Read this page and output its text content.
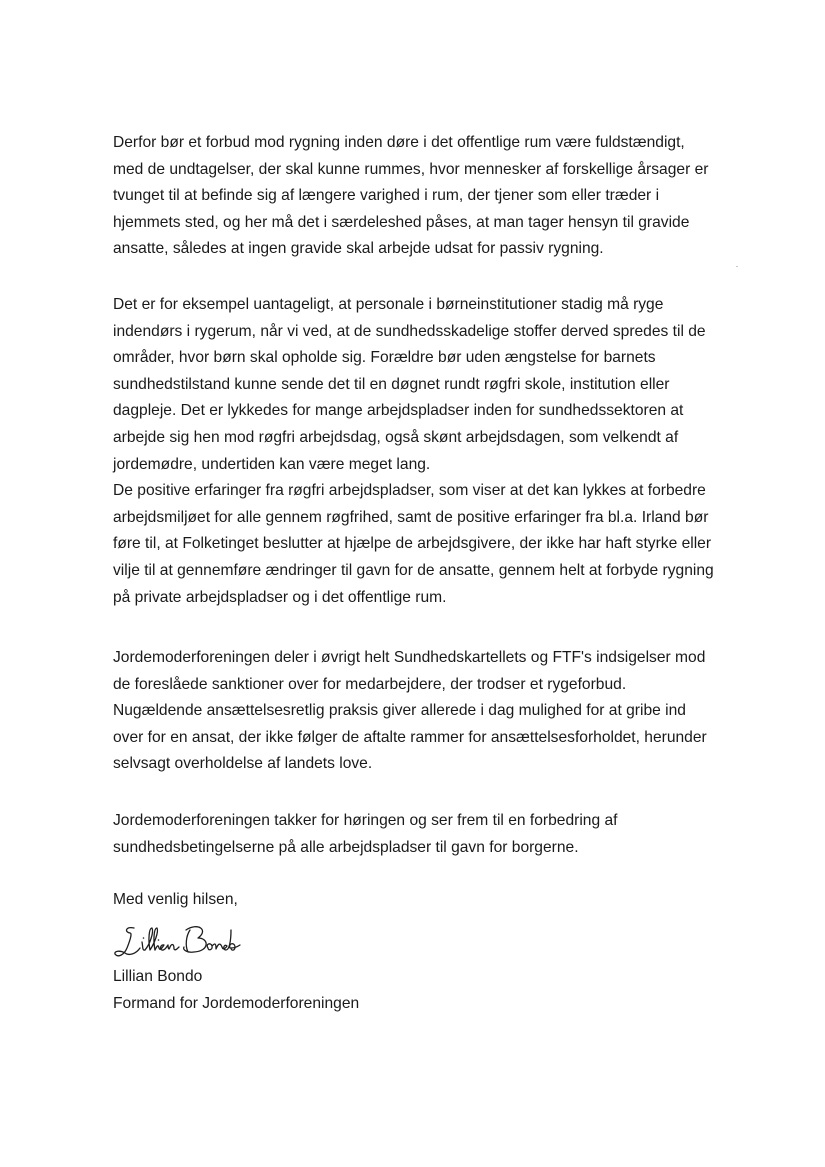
Derfor bør et forbud mod rygning inden døre i det offentlige rum være fuldstændigt,
med de undtagelser, der skal kunne rummes, hvor mennesker af forskellige årsager er
tvunget til at befinde sig af længere varighed i rum, der tjener som eller træder i
hjemmets sted, og her må det i særdeleshed påses, at man tager hensyn til gravide
ansatte, således at ingen gravide skal arbejde udsat for passiv rygning.

Det er for eksempel uantageligt, at personale i børneinstitutioner stadig må ryge
indendørs i rygerum, når vi ved, at de sundhedsskadelige stoffer derved spredes til de
områder, hvor børn skal opholde sig. Forældre bør uden ængstelse for barnets
sundhedstilstand kunne sende det til en døgnet rundt røgfri skole, institution eller
dagpleje. Det er lykkedes for mange arbejdspladser inden for sundhedssektoren at
arbejde sig hen mod røgfri arbejdsdag, også skønt arbejdsdagen, som velkendt af
jordemødre, undertiden kan være meget lang.
De positive erfaringer fra røgfri arbejdspladser, som viser at det kan lykkes at forbedre
arbejdsmiljøet for alle gennem røgfrihed, samt de positive erfaringer fra bl.a. Irland bør
føre til, at Folketinget beslutter at hjælpe de arbejdsgivere, der ikke har haft styrke eller
vilje til at gennemføre ændringer til gavn for de ansatte, gennem helt at forbyde rygning
på private arbejdspladser og i det offentlige rum.

Jordemoderforeningen deler i øvrigt helt Sundhedskartellets og FTF's indsigelser mod
de foreslåede sanktioner over for medarbejdere, der trodser et rygeforbud.
Nugældende ansættelsesretlig praksis giver allerede i dag mulighed for at gribe ind
over for en ansat, der ikke følger de aftalte rammer for ansættelsesforholdet, herunder
selvsagt overholdelse af landets love.

Jordemoderforeningen takker for høringen og ser frem til en forbedring af
sundhedsbetingelserne på alle arbejdspladser til gavn for borgerne.

Med venlig hilsen,

Lillian Bondo
Formand for Jordemoderforeningen
